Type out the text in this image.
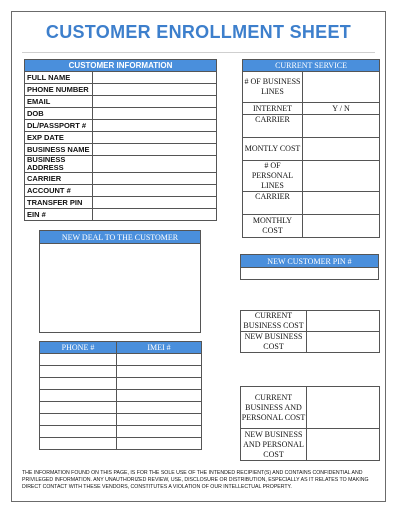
CUSTOMER ENROLLMENT SHEET
CUSTOMER INFORMATION	
FULL NAME	
PHONE NUMBER	
EMAIL	
DOB	
DL/PASSPORT #	
EXP DATE	
BUSINESS NAME	
BUSINESS ADDRESS	
CARRIER	
ACCOUNT #	
TRANSFER PIN	
EIN #	
CURRENT SERVICE	
# OF BUSINESS LINES	
INTERNET	Y / N
CARRIER	
MONTLY COST	
# OF PERSONAL LINES	
CARRIER	
MONTHLY COST	
NEW DEAL TO THE CUSTOMER

NEW CUSTOMER PIN #

CURRENT BUSINESS COST	
NEW BUSINESS COST	
PHONE #	IMEI #

CURRENT BUSINESS AND PERSONAL COST	
NEW BUSINESS AND PERSONAL COST	
THE INFORMATION FOUND ON THIS PAGE, IS FOR THE SOLE USE OF THE INTENDED RECIPIENT(S) AND CONTAINS CONFIDENTIAL AND PRIVILEGED INFORMATION. ANY UNAUTHORIZED REVIEW, USE, DISCLOSURE OR DISTRIBUTION, ESPECIALLY AS IT RELATES TO MAKING DIRECT CONTACT WITH THESE VENDORS, CONSTITUTES A VIOLATION OF OUR INTELLECTUAL PROPERTY.
